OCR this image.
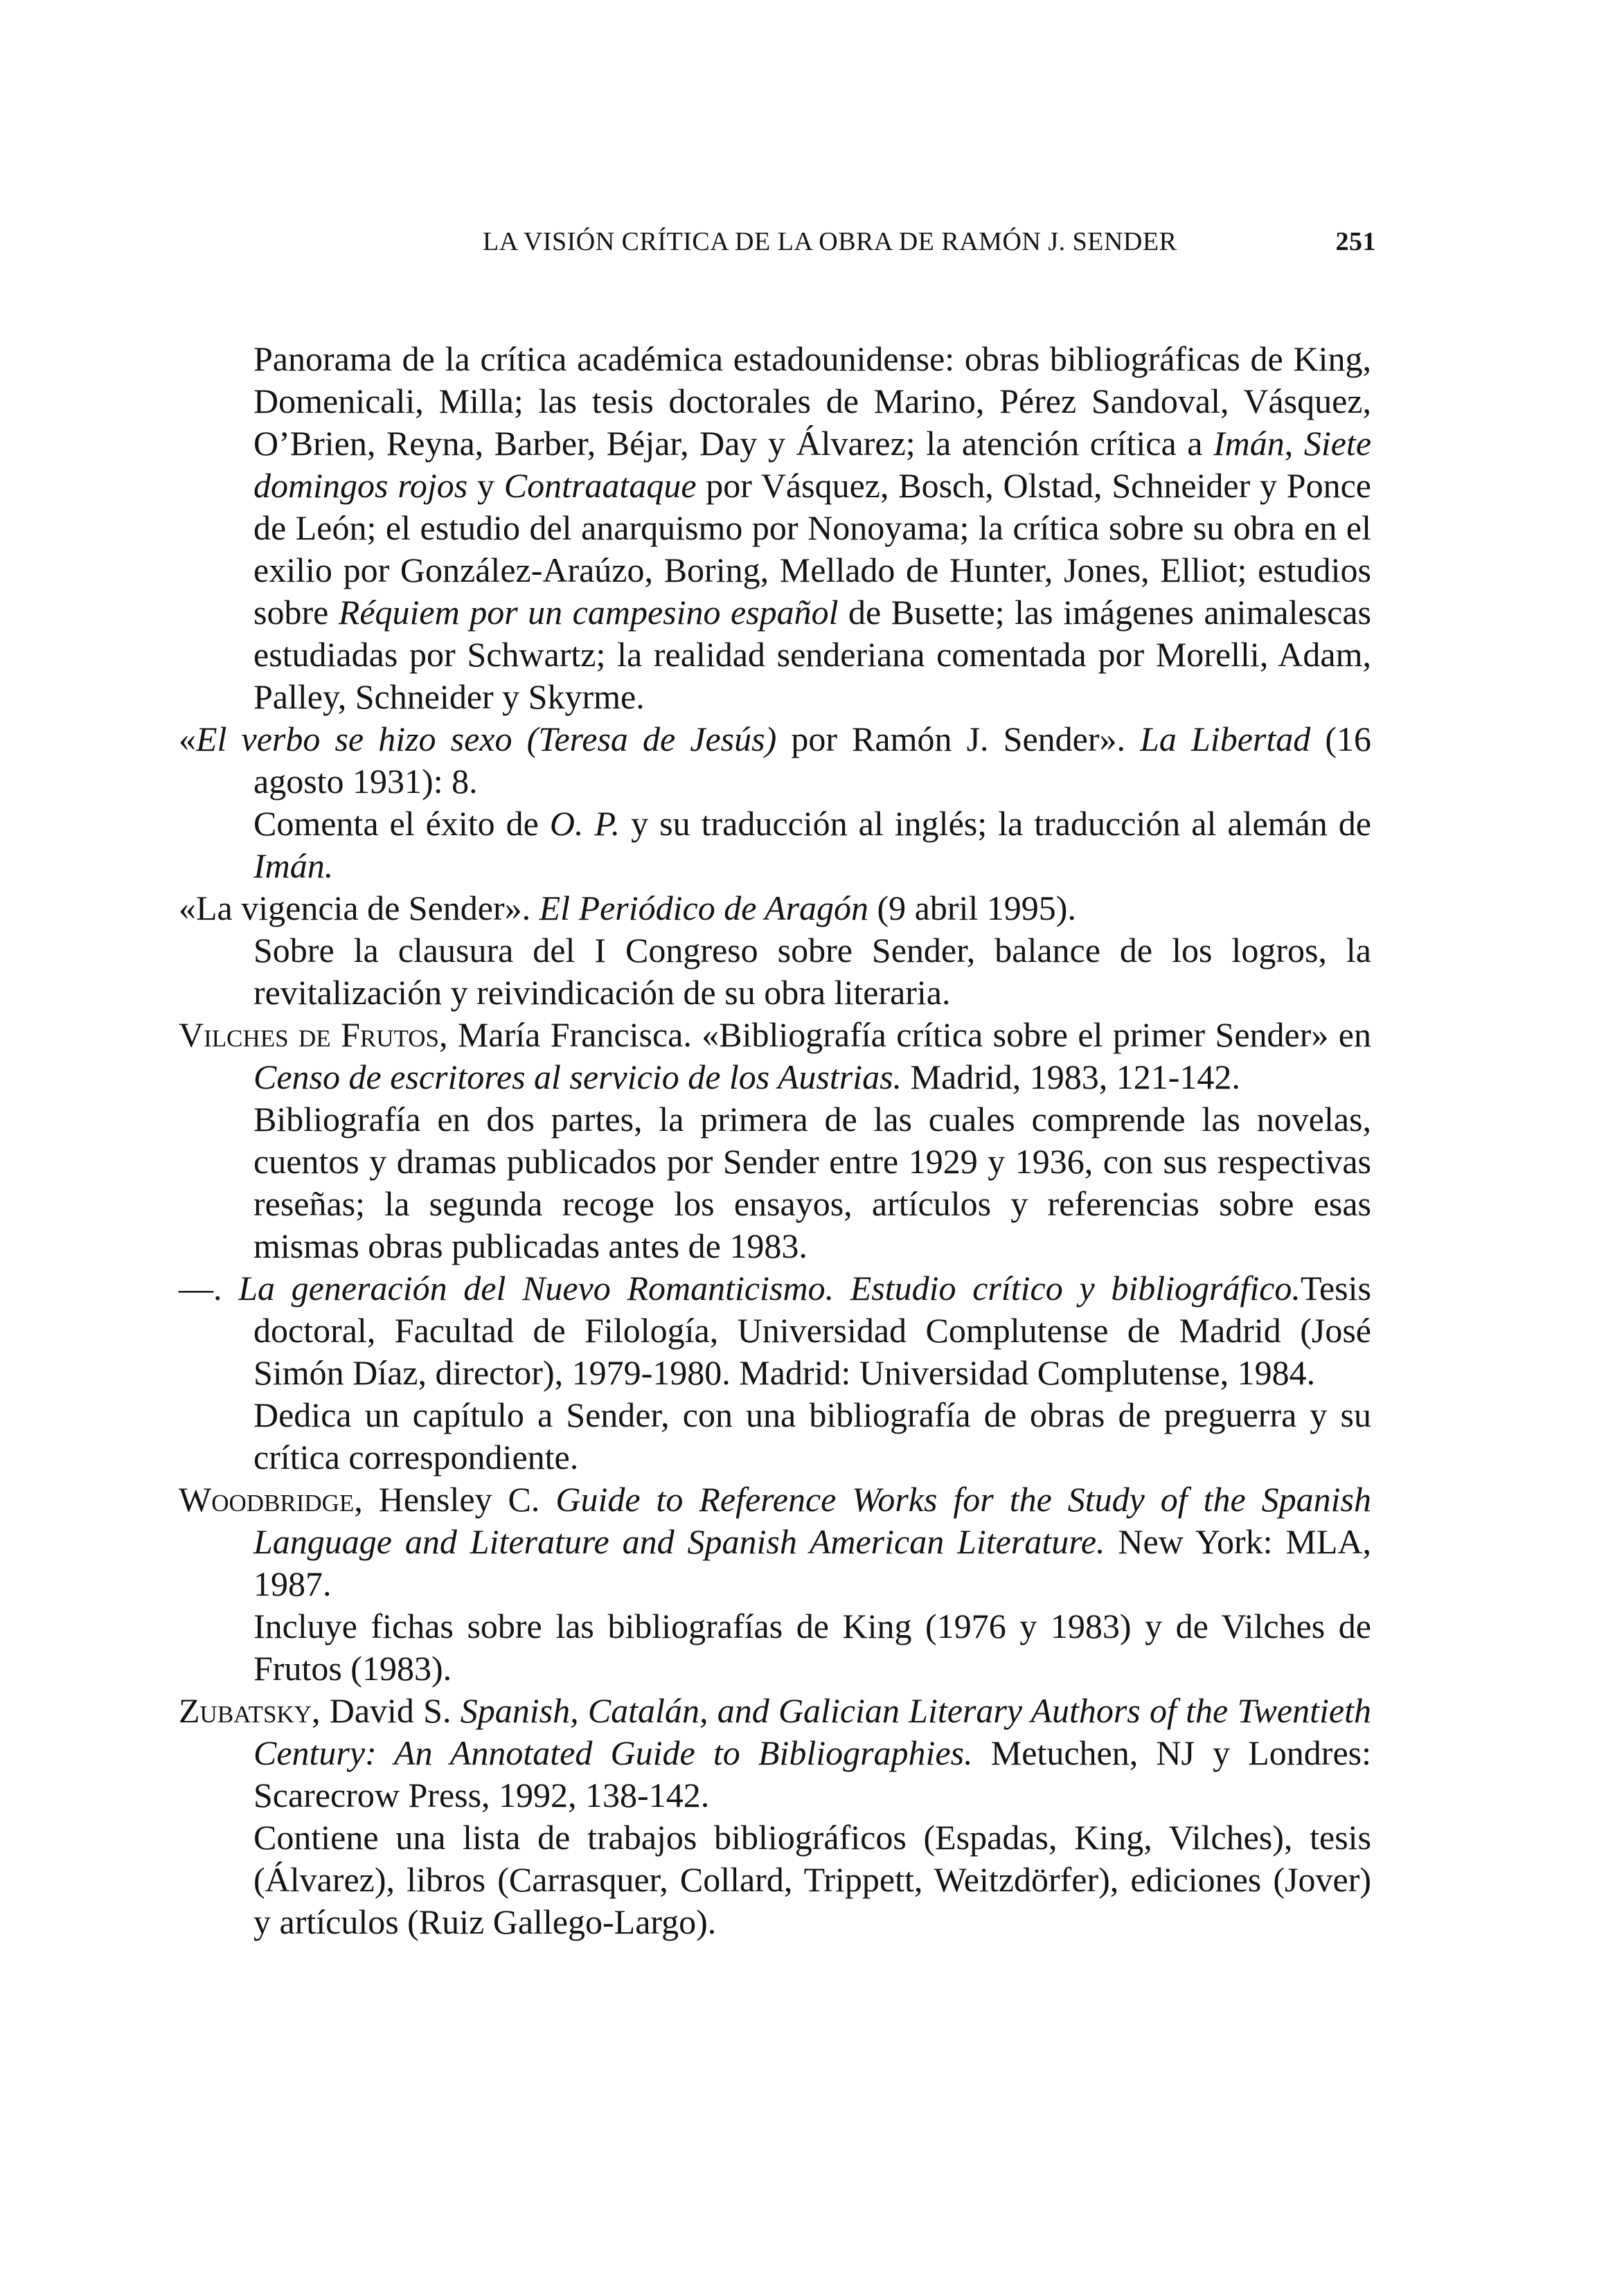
LA VISIÓN CRÍTICA DE LA OBRA DE RAMÓN J. SENDER	251

Panorama de la crítica académica estadounidense: obras bibliográficas de King, Domenicali, Milla; las tesis doctorales de Marino, Pérez Sandoval, Vásquez, O’Brien, Reyna, Barber, Béjar, Day y Álvarez; la atención crítica a Imán, Siete domingos rojos y Contraataque por Vásquez, Bosch, Olstad, Schneider y Ponce de León; el estudio del anarquismo por Nonoyama; la crítica sobre su obra en el exilio por González-Araúzo, Boring, Mellado de Hunter, Jones, Elliot; estudios sobre Réquiem por un campesino español de Busette; las imágenes animalescas estudiadas por Schwartz; la realidad senderiana comentada por Morelli, Adam, Palley, Schneider y Skyrme.

«El verbo se hizo sexo (Teresa de Jesús) por Ramón J. Sender». La Libertad (16 agosto 1931): 8.

Comenta el éxito de O. P. y su traducción al inglés; la traducción al alemán de Imán.

«La vigencia de Sender». El Periódico de Aragón (9 abril 1995).

Sobre la clausura del I Congreso sobre Sender, balance de los logros, la revitalización y reivindicación de su obra literaria.

Vilches de Frutos, María Francisca. «Bibliografía crítica sobre el primer Sender» en Censo de escritores al servicio de los Austrias. Madrid, 1983, 121-142.

Bibliografía en dos partes, la primera de las cuales comprende las novelas, cuentos y dramas publicados por Sender entre 1929 y 1936, con sus respectivas reseñas; la segunda recoge los ensayos, artículos y referencias sobre esas mismas obras publicadas antes de 1983.

—. La generación del Nuevo Romanticismo. Estudio crítico y bibliográfico.Tesis doctoral, Facultad de Filología, Universidad Complutense de Madrid (José Simón Díaz, director), 1979-1980. Madrid: Universidad Complutense, 1984.

Dedica un capítulo a Sender, con una bibliografía de obras de preguerra y su crítica correspondiente.

Woodbridge, Hensley C. Guide to Reference Works for the Study of the Spanish Language and Literature and Spanish American Literature. New York: MLA, 1987.

Incluye fichas sobre las bibliografías de King (1976 y 1983) y de Vilches de Frutos (1983).

Zubatsky, David S. Spanish, Catalán, and Galician Literary Authors of the Twentieth Century: An Annotated Guide to Bibliographies. Metuchen, NJ y Londres: Scarecrow Press, 1992, 138-142.

Contiene una lista de trabajos bibliográficos (Espadas, King, Vilches), tesis (Álvarez), libros (Carrasquer, Collard, Trippett, Weitzdörfer), ediciones (Jover) y artículos (Ruiz Gallego-Largo).
